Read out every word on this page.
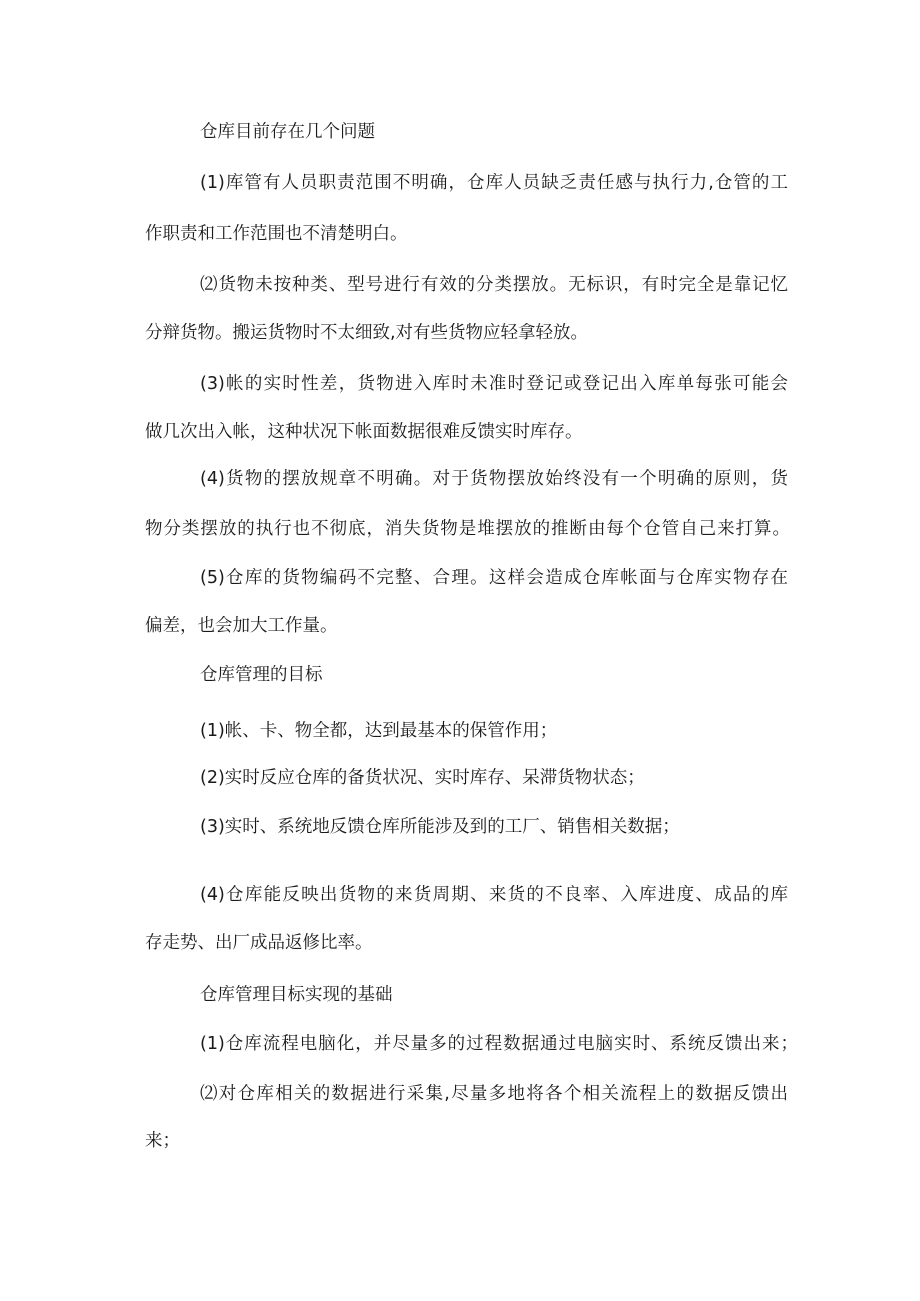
仓库目前存在几个问题
(1)库管有人员职责范围不明确，仓库人员缺乏责任感与执行力,仓管的工
作职责和工作范围也不清楚明白。
⑵货物未按种类、型号进行有效的分类摆放。无标识，有时完全是靠记忆
分辩货物。搬运货物时不太细致,对有些货物应轻拿轻放。
(3)帐的实时性差，货物进入库时未准时登记或登记出入库单每张可能会
做几次出入帐，这种状况下帐面数据很难反馈实时库存。
(4)货物的摆放规章不明确。对于货物摆放始终没有一个明确的原则，货
物分类摆放的执行也不彻底，消失货物是堆摆放的推断由每个仓管自己来打算。
(5)仓库的货物编码不完整、合理。这样会造成仓库帐面与仓库实物存在
偏差，也会加大工作量。
仓库管理的目标
(1)帐、卡、物全都，达到最基本的保管作用；
(2)实时反应仓库的备货状况、实时库存、呆滞货物状态；
(3)实时、系统地反馈仓库所能涉及到的工厂、销售相关数据；
(4)仓库能反映出货物的来货周期、来货的不良率、入库进度、成品的库
存走势、出厂成品返修比率。
仓库管理目标实现的基础
(1)仓库流程电脑化，并尽量多的过程数据通过电脑实时、系统反馈出来；
⑵对仓库相关的数据进行采集,尽量多地将各个相关流程上的数据反馈出
来；
